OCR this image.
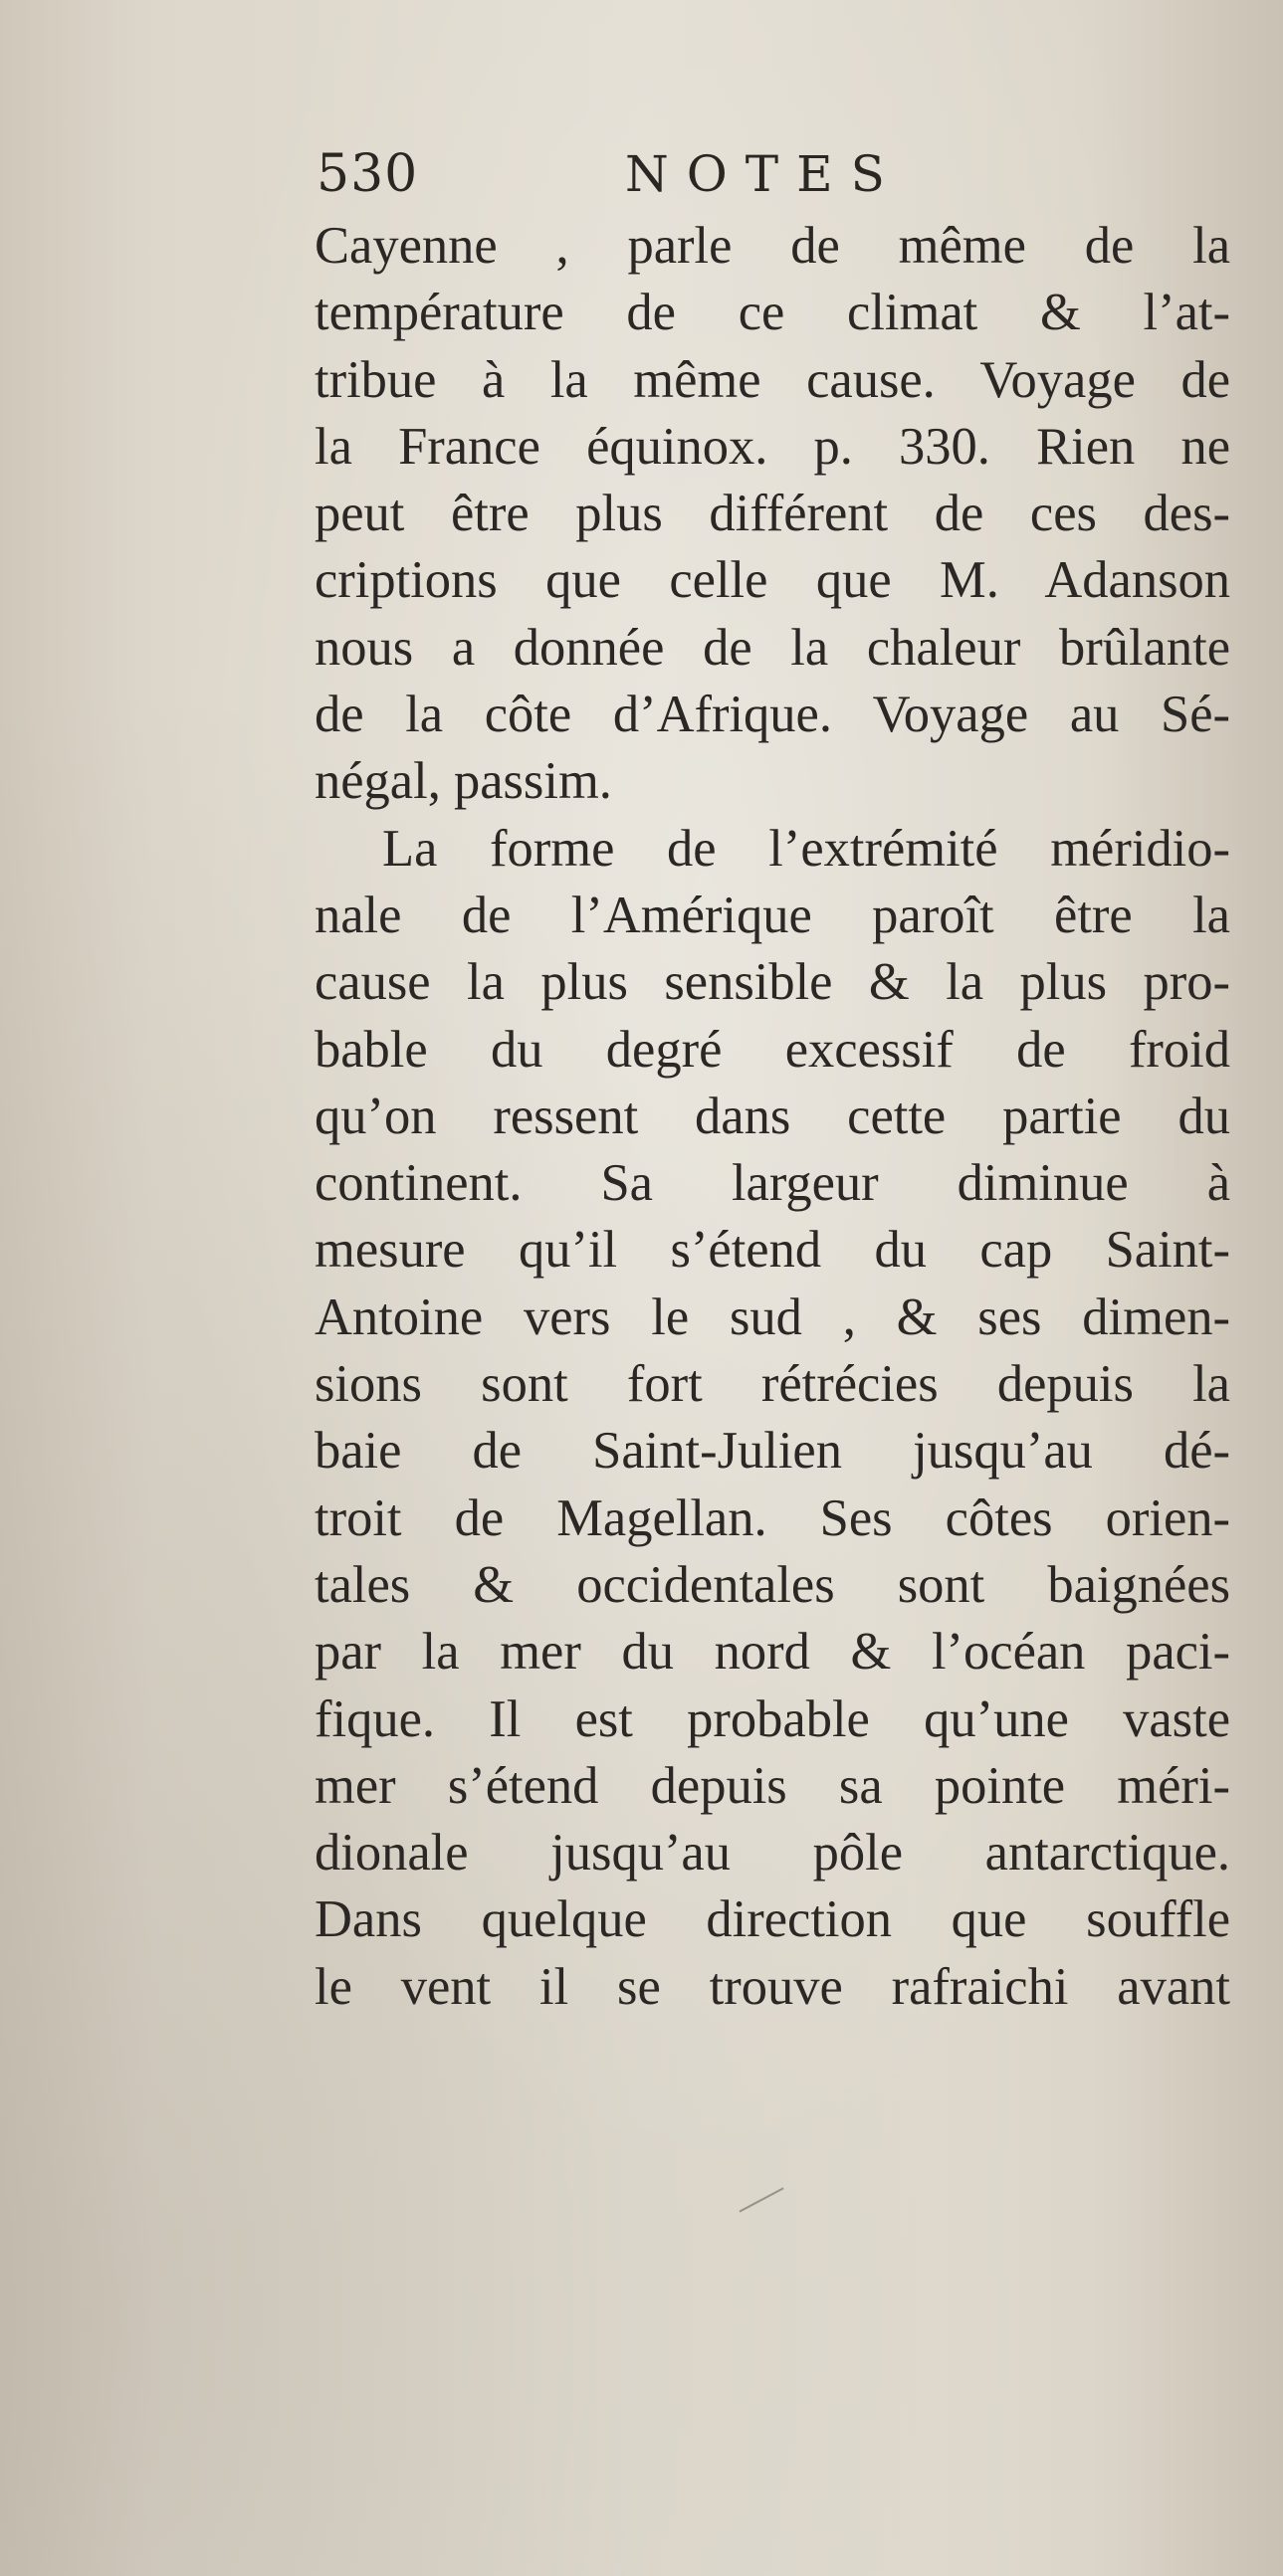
530	NOTES
Cayenne , parle de même de la
température de ce climat & l’at-
tribue à la même cause. Voyage de
la France équinox. p. 330. Rien ne
peut être plus différent de ces des-
criptions que celle que M. Adanson
nous a donnée de la chaleur brûlante
de la côte d’Afrique. Voyage au Sé-
négal, passim.
La forme de l’extrémité méridio-
nale de l’Amérique paroît être la
cause la plus sensible & la plus pro-
bable du degré excessif de froid
qu’on ressent dans cette partie du
continent. Sa largeur diminue à
mesure qu’il s’étend du cap Saint-
Antoine vers le sud , & ses dimen-
sions sont fort rétrécies depuis la
baie de Saint-Julien jusqu’au dé-
troit de Magellan. Ses côtes orien-
tales & occidentales sont baignées
par la mer du nord & l’océan paci-
fique. Il est probable qu’une vaste
mer s’étend depuis sa pointe méri-
dionale jusqu’au pôle antarctique.
Dans quelque direction que souffle
le vent il se trouve rafraichi avant
